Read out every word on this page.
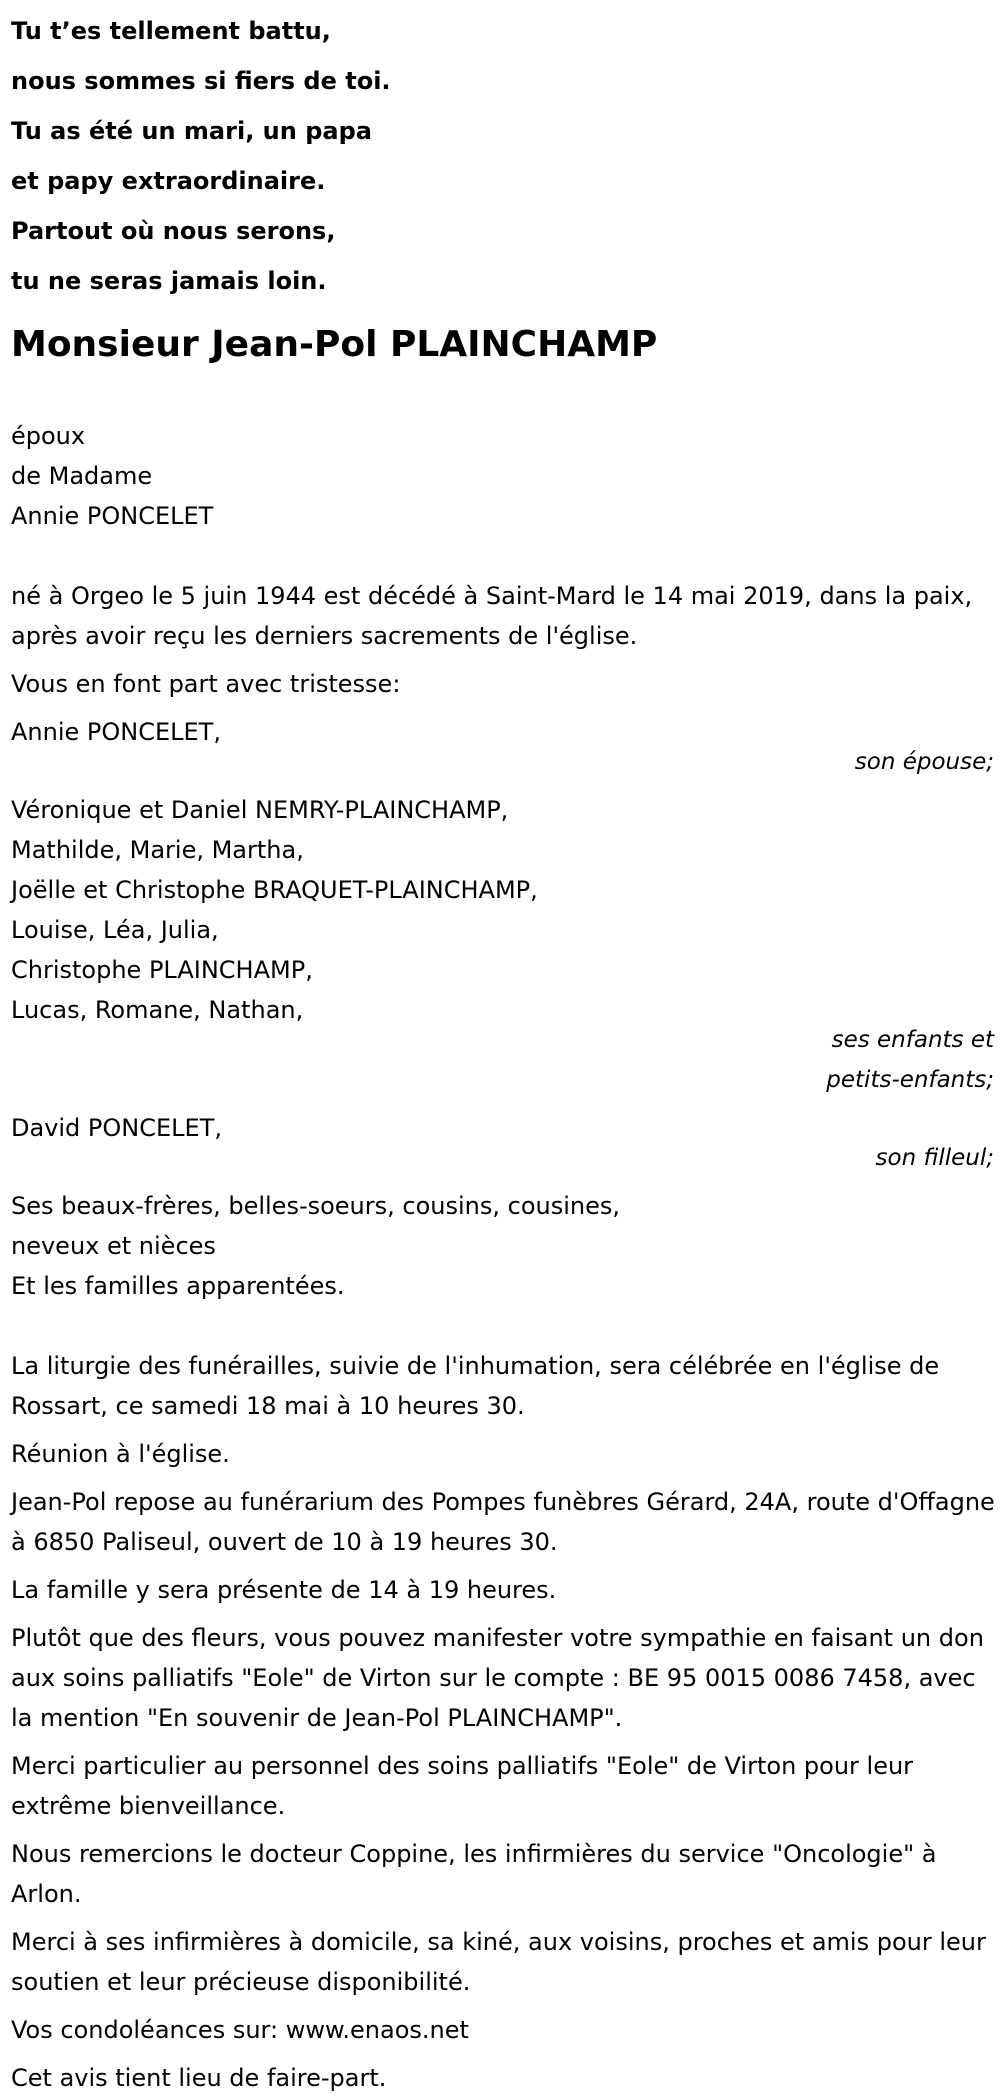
Tu t’es tellement battu,
nous sommes si fiers de toi.
Tu as été un mari, un papa
et papy extraordinaire.
Partout où nous serons,
tu ne seras jamais loin.
Monsieur Jean-Pol PLAINCHAMP
époux
de Madame
Annie PONCELET
né à Orgeo le 5 juin 1944 est décédé à Saint-Mard le 14 mai 2019, dans la paix, après avoir reçu les derniers sacrements de l'église.
Vous en font part avec tristesse:
Annie PONCELET,
son épouse;
Véronique et Daniel NEMRY-PLAINCHAMP,
Mathilde, Marie, Martha,
Joëlle et Christophe BRAQUET-PLAINCHAMP,
Louise, Léa, Julia,
Christophe PLAINCHAMP,
Lucas, Romane, Nathan,
ses enfants et
petits-enfants;
David PONCELET,
son filleul;
Ses beaux-frères, belles-soeurs, cousins, cousines,
neveux et nièces
Et les familles apparentées.
La liturgie des funérailles, suivie de l'inhumation, sera célébrée en l'église de Rossart, ce samedi 18 mai à 10 heures 30.
Réunion à l'église.
Jean-Pol repose au funérarium des Pompes funèbres Gérard, 24A, route d'Offagne à 6850 Paliseul, ouvert de 10 à 19 heures 30.
La famille y sera présente de 14 à 19 heures.
Plutôt que des fleurs, vous pouvez manifester votre sympathie en faisant un don aux soins palliatifs "Eole" de Virton sur le compte : BE 95 0015 0086 7458, avec la mention "En souvenir de Jean-Pol PLAINCHAMP".
Merci particulier au personnel des soins palliatifs "Eole" de Virton pour leur extrême bienveillance.
Nous remercions le docteur Coppine, les infirmières du service "Oncologie" à Arlon.
Merci à ses infirmières à domicile, sa kiné, aux voisins, proches et amis pour leur soutien et leur précieuse disponibilité.
Vos condoléances sur: www.enaos.net
Cet avis tient lieu de faire-part.
